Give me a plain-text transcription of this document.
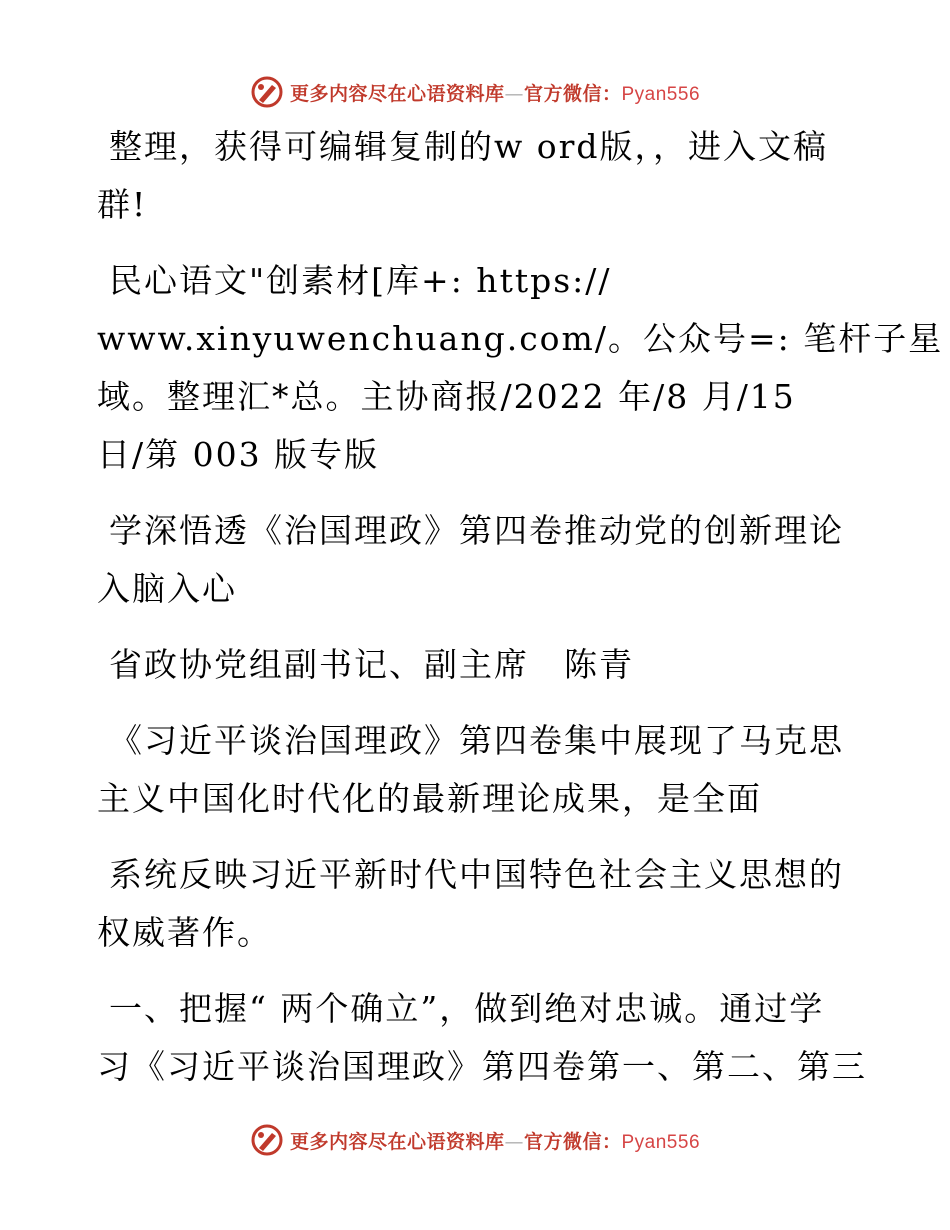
更多内容尽在心语资料库—官方微信：Pyan556
整理，获得可编辑复制的w ord版，，进入文稿
群!
民心语文"创素材[库+: https://
www.xinyuwenchuang.com/。公众号=: 笔杆子星
域。整理汇*总。主协商报/2022 年/8 月/15
日/第 003 版专版
学深悟透《治国理政》第四卷推动党的创新理论
入脑入心
省政协党组副书记、副主席　陈青
《习近平谈治国理政》第四卷集中展现了马克思
主义中国化时代化的最新理论成果，是全面
系统反映习近平新时代中国特色社会主义思想的
权威著作。
一、把握“ 两个确立”，做到绝对忠诚。通过学
习《习近平谈治国理政》第四卷第一、第二、第三
更多内容尽在心语资料库—官方微信：Pyan556
